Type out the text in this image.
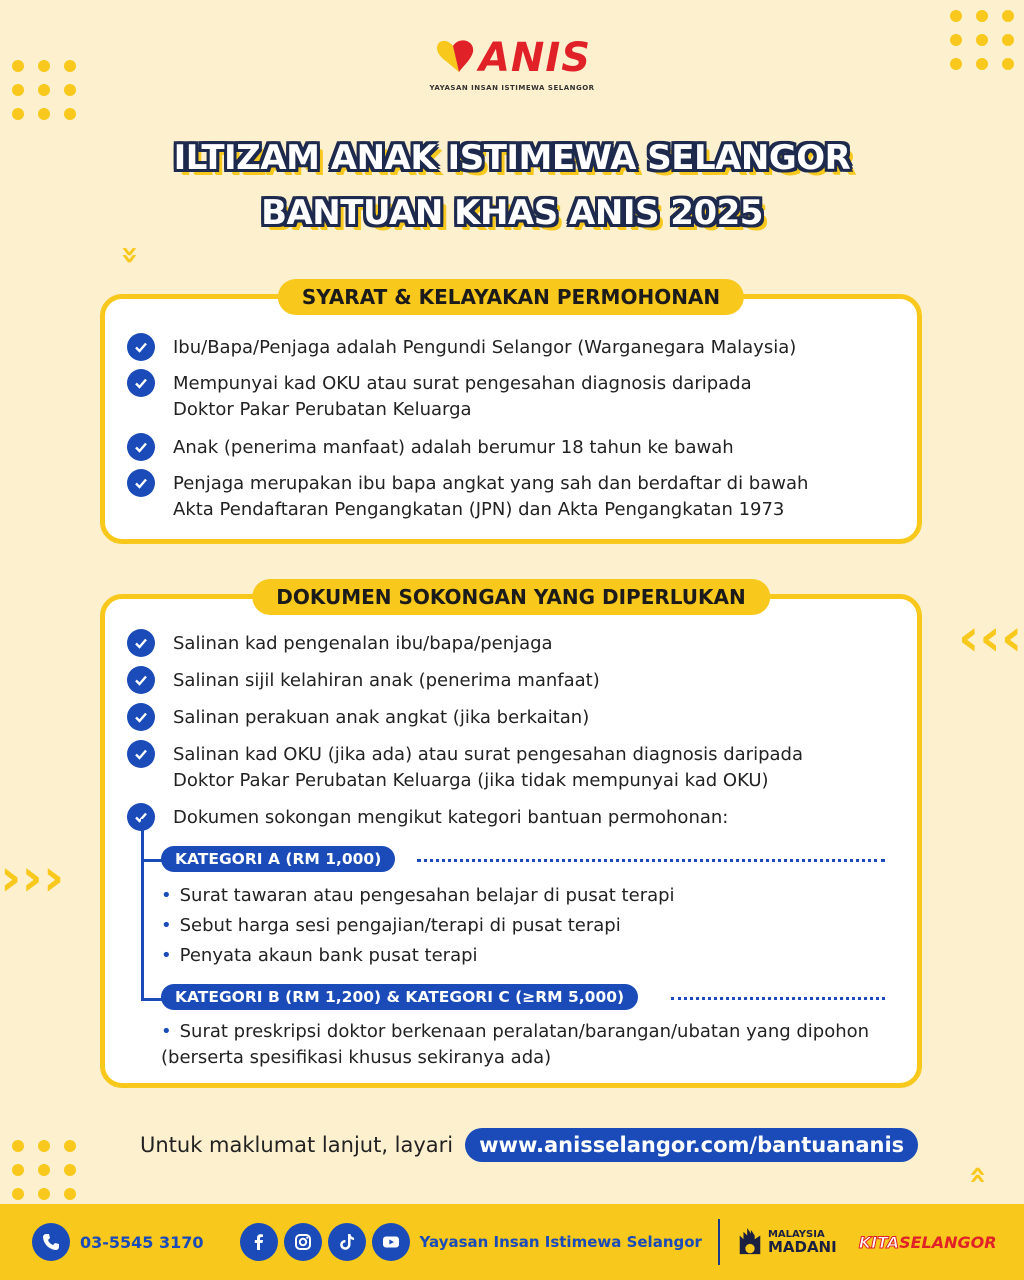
»
‹‹‹
›››
»
ANIS
YAYASAN INSAN ISTIMEWA SELANGOR
ILTIZAM ANAK ISTIMEWA SELANGOR
BANTUAN KHAS ANIS 2025
SYARAT & KELAYAKAN PERMOHONAN
Ibu/Bapa/Penjaga adalah Pengundi Selangor (Warganegara Malaysia)
Mempunyai kad OKU atau surat pengesahan diagnosis daripada Doktor Pakar Perubatan Keluarga
Anak (penerima manfaat) adalah berumur 18 tahun ke bawah
Penjaga merupakan ibu bapa angkat yang sah dan berdaftar di bawah Akta Pendaftaran Pengangkatan (JPN) dan Akta Pengangkatan 1973
DOKUMEN SOKONGAN YANG DIPERLUKAN
Salinan kad pengenalan ibu/bapa/penjaga
Salinan sijil kelahiran anak (penerima manfaat)
Salinan perakuan anak angkat (jika berkaitan)
Salinan kad OKU (jika ada) atau surat pengesahan diagnosis daripada Doktor Pakar Perubatan Keluarga (jika tidak mempunyai kad OKU)
Dokumen sokongan mengikut kategori bantuan permohonan:
KATEGORI A (RM 1,000)
• Surat tawaran atau pengesahan belajar di pusat terapi
• Sebut harga sesi pengajian/terapi di pusat terapi
• Penyata akaun bank pusat terapi
KATEGORI B (RM 1,200) & KATEGORI C (≥RM 5,000)
• Surat preskripsi doktor berkenaan peralatan/barangan/ubatan yang dipohon (berserta spesifikasi khusus sekiranya ada)
Untuk maklumat lanjut, layari	www.anisselangor.com/bantuananis
03-5545 3170	Yayasan Insan Istimewa Selangor	MALAYSIA
MADANI KITASELANGOR
